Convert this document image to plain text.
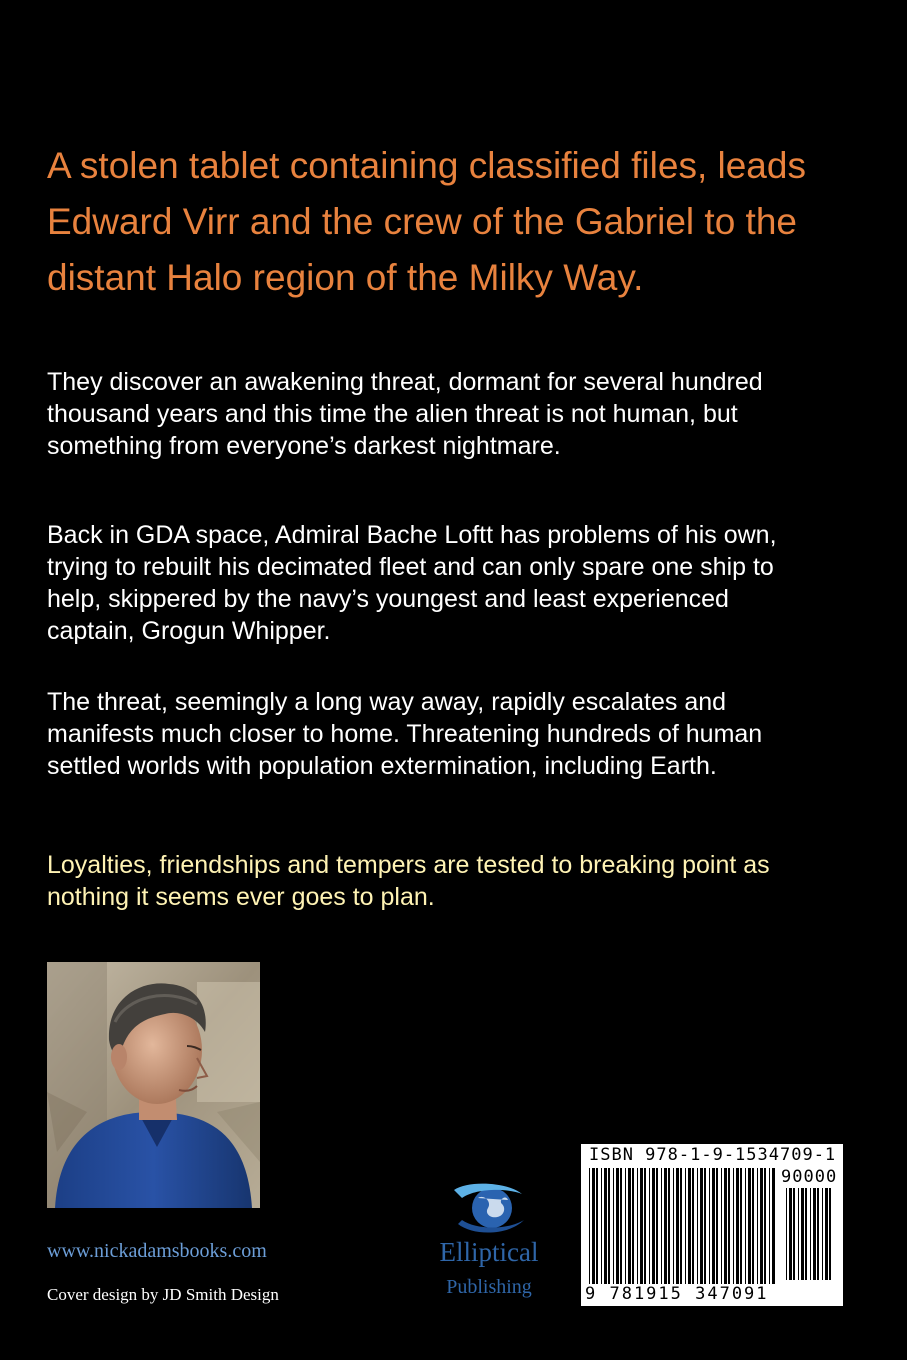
A stolen tablet containing classified files, leads Edward Virr and the crew of the Gabriel to the distant Halo region of the Milky Way.

They discover an awakening threat, dormant for several hundred thousand years and this time the alien threat is not human, but something from everyone’s darkest nightmare.

Back in GDA space, Admiral Bache Loftt has problems of his own, trying to rebuilt his decimated fleet and can only spare one ship to help, skippered by the navy’s youngest and least experienced captain, Grogun Whipper.

The threat, seemingly a long way away, rapidly escalates and manifests much closer to home. Threatening hundreds of human settled worlds with population extermination, including Earth.

Loyalties, friendships and tempers are tested to breaking point as nothing it seems ever goes to plan.

www.nickadamsbooks.com
Cover design by JD Smith Design
Elliptical
Publishing
ISBN 978-1-9-1534709-1
90000
9 781915 347091
